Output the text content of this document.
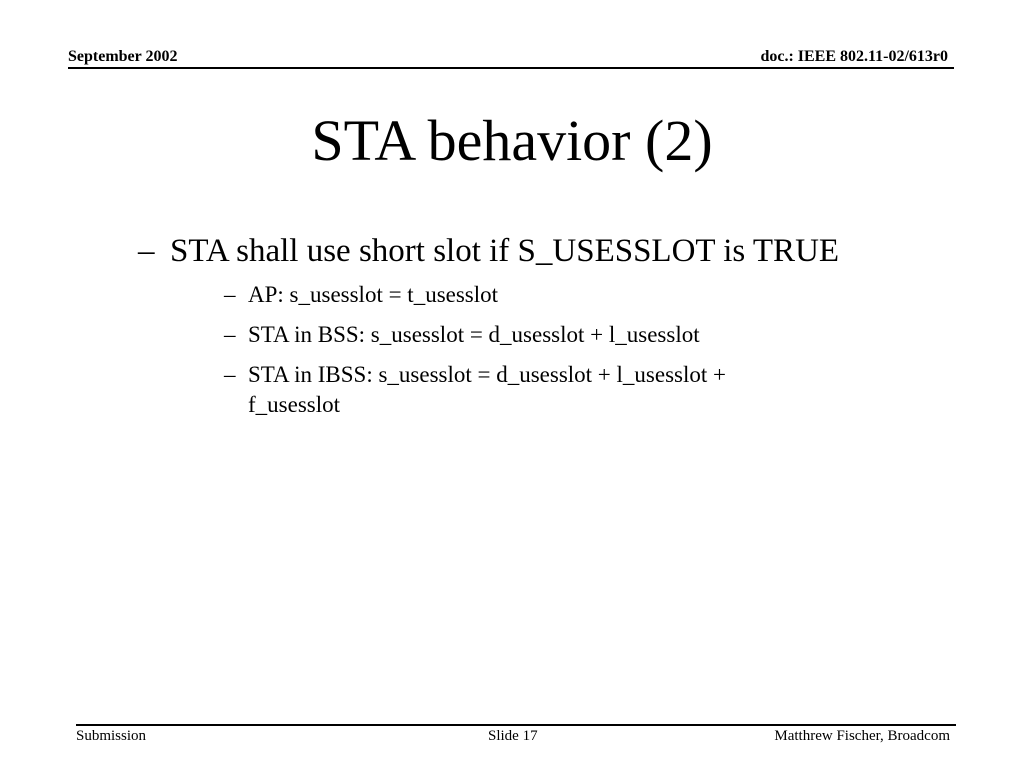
September 2002	doc.: IEEE 802.11-02/613r0
STA behavior (2)
– STA shall use short slot if S_USESSLOT is TRUE
– AP: s_usesslot = t_usesslot
– STA in BSS: s_usesslot = d_usesslot + l_usesslot
– STA in IBSS: s_usesslot = d_usesslot + l_usesslot + f_usesslot
Submission	Slide 17	Matthrew Fischer, Broadcom
